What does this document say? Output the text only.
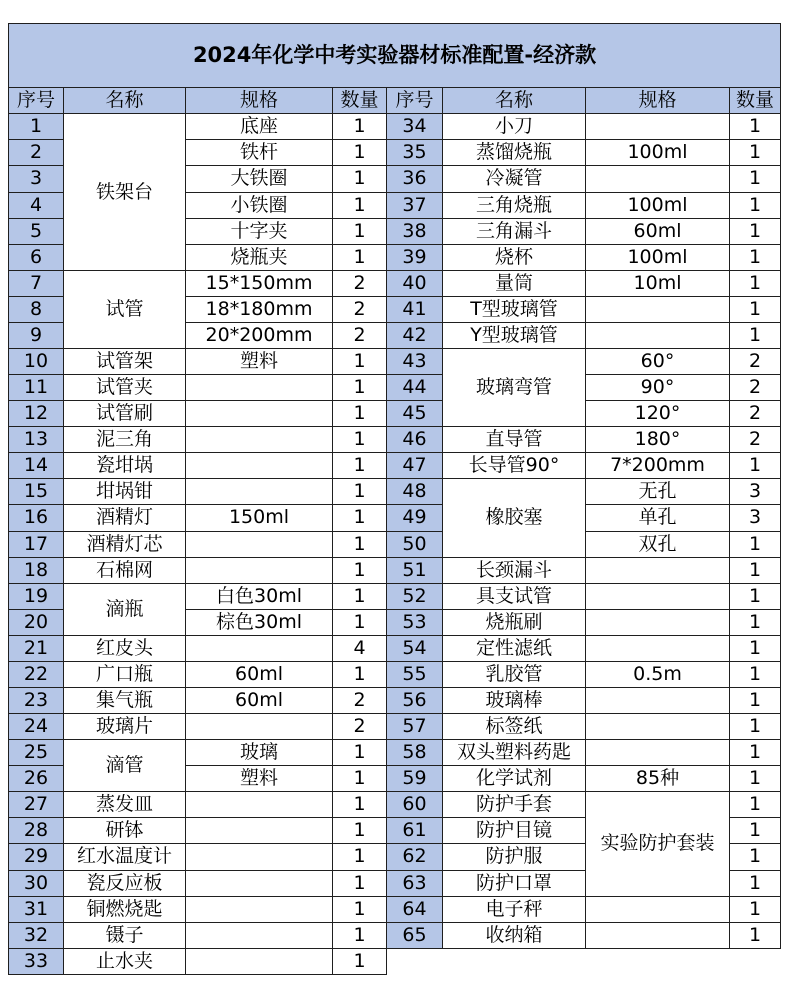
2024年化学中考实验器材标准配置-经济款							
序号	名称	规格	数量	序号	名称	规格	数量
1	铁架台	底座	1	34	小刀		1
2		铁杆	1	35	蒸馏烧瓶	100ml	1
3		大铁圈	1	36	冷凝管		1
4		小铁圈	1	37	三角烧瓶	100ml	1
5		十字夹	1	38	三角漏斗	60ml	1
6		烧瓶夹	1	39	烧杯	100ml	1
7	试管	15*150mm	2	40	量筒	10ml	1
8		18*180mm	2	41	T型玻璃管		1
9		20*200mm	2	42	Y型玻璃管		1
10	试管架	塑料	1	43	玻璃弯管	60°	2
11	试管夹		1	44		90°	2
12	试管刷		1	45		120°	2
13	泥三角		1	46	直导管	180°	2
14	瓷坩埚		1	47	长导管90°	7*200mm	1
15	坩埚钳		1	48	橡胶塞	无孔	3
16	酒精灯	150ml	1	49		单孔	3
17	酒精灯芯		1	50		双孔	1
18	石棉网		1	51	长颈漏斗		1
19	滴瓶	白色30ml	1	52	具支试管		1
20		棕色30ml	1	53	烧瓶刷		1
21	红皮头		4	54	定性滤纸		1
22	广口瓶	60ml	1	55	乳胶管	0.5m	1
23	集气瓶	60ml	2	56	玻璃棒		1
24	玻璃片		2	57	标签纸		1
25	滴管	玻璃	1	58	双头塑料药匙		1
26		塑料	1	59	化学试剂	85种	1
27	蒸发皿		1	60	防护手套	实验防护套装	1
28	研钵		1	61	防护目镜		1
29	红水温度计		1	62	防护服		1
30	瓷反应板		1	63	防护口罩		1
31	铜燃烧匙		1	64	电子秤		1
32	镊子		1	65	收纳箱		1
33	止水夹		1				
